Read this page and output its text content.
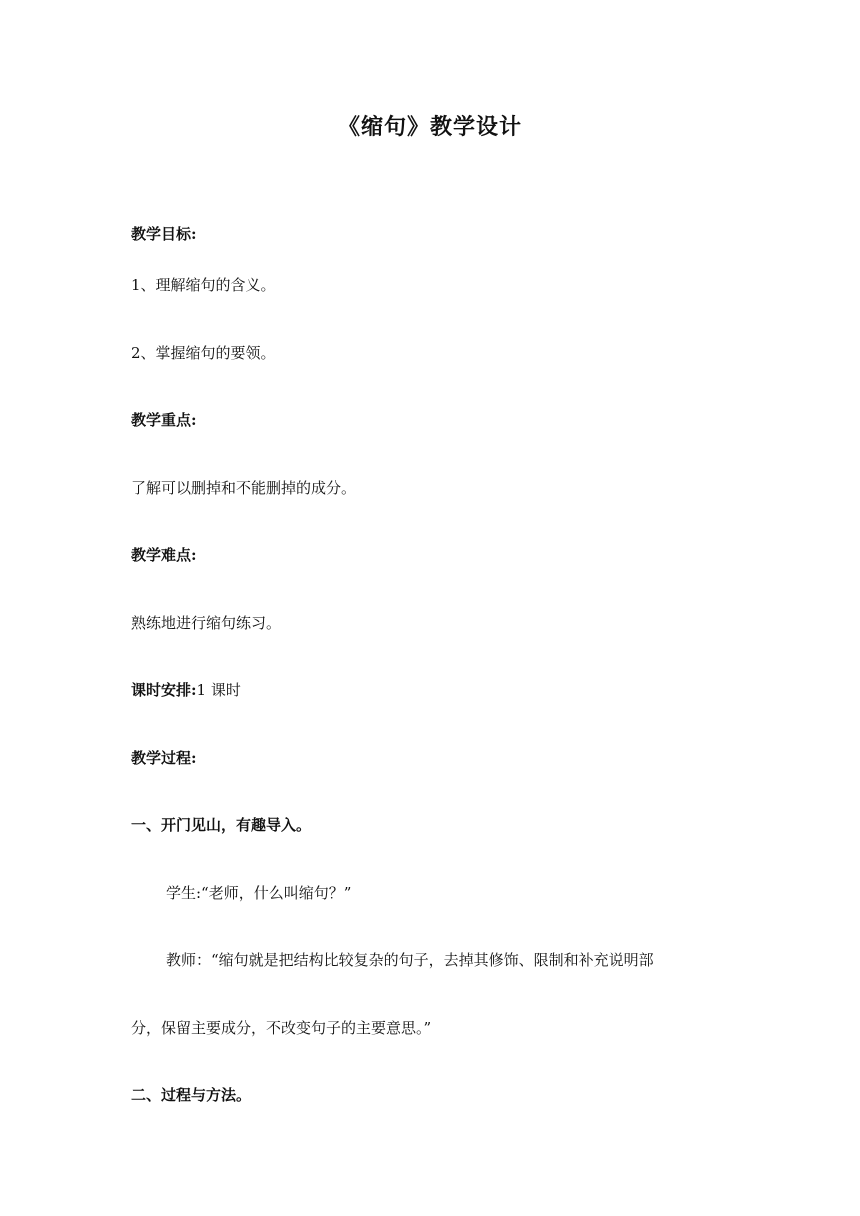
《缩句》教学设计
教学目标:
1、理解缩句的含义。
2、掌握缩句的要领。
教学重点:
了解可以删掉和不能删掉的成分。
教学难点:
熟练地进行缩句练习。
课时安排:1 课时
教学过程:
一、开门见山，有趣导入。
学生:“老师，什么叫缩句？”
教师：“缩句就是把结构比较复杂的句子，去掉其修饰、限制和补充说明部
分，保留主要成分，不改变句子的主要意思。”
二、过程与方法。
